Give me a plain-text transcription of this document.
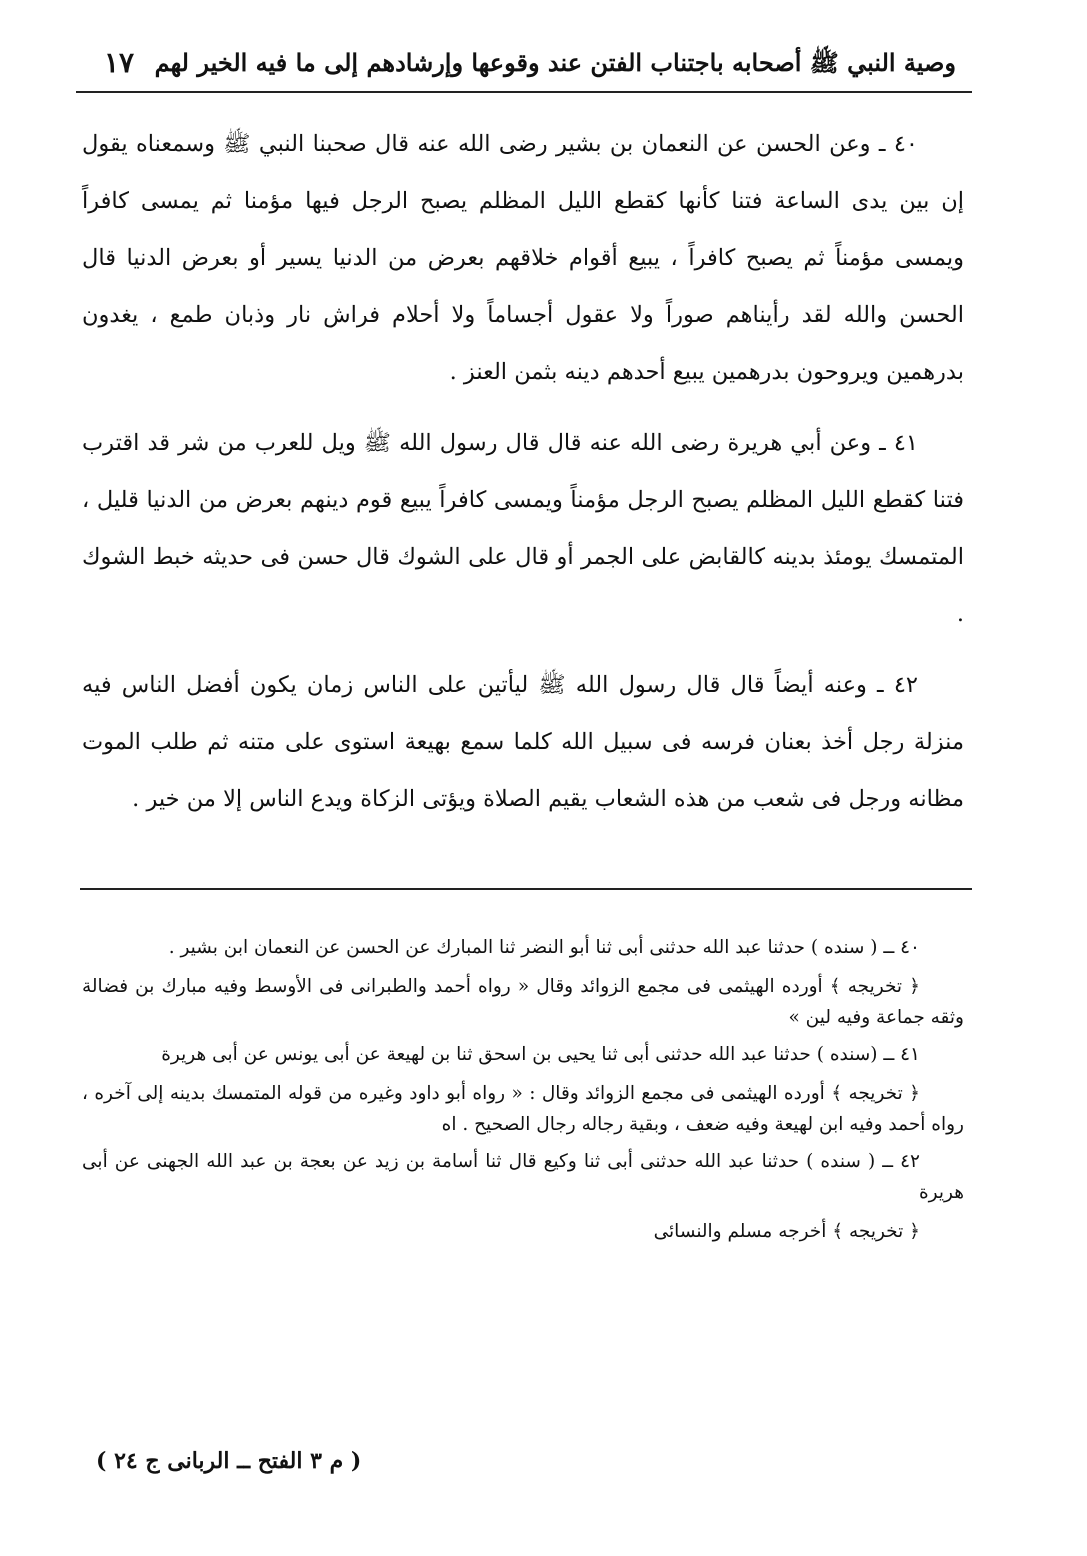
وصية النبي ﷺ أصحابه باجتناب الفتن عند وقوعها وإرشادهم إلى ما فيه الخير لهم
١٧

٤٠ ـ وعن الحسن عن النعمان بن بشير رضى الله عنه قال صحبنا النبي ﷺ وسمعناه يقول إن بين يدى الساعة فتنا كأنها كقطع الليل المظلم يصبح الرجل فيها مؤمنا ثم يمسى كافراً ويمسى مؤمناً ثم يصبح كافراً ، يبيع أقوام خلاقهم بعرض من الدنيا يسير أو بعرض الدنيا قال الحسن والله لقد رأيناهم صوراً ولا عقول أجساماً ولا أحلام فراش نار وذبان طمع ، يغدون بدرهمين ويروحون بدرهمين يبيع أحدهم دينه بثمن العنز .

٤١ ـ وعن أبي هريرة رضى الله عنه قال قال رسول الله ﷺ ويل للعرب من شر قد اقترب فتنا كقطع الليل المظلم يصبح الرجل مؤمناً ويمسى كافراً يبيع قوم دينهم بعرض من الدنيا قليل ، المتمسك يومئذ بدينه كالقابض على الجمر أو قال على الشوك قال حسن فى حديثه خبط الشوك .

٤٢ ـ وعنه أيضاً قال قال رسول الله ﷺ ليأتين على الناس زمان يكون أفضل الناس فيه منزلة رجل أخذ بعنان فرسه فى سبيل الله كلما سمع بهيعة استوى على متنه ثم طلب الموت مظانه ورجل فى شعب من هذه الشعاب يقيم الصلاة ويؤتى الزكاة ويدع الناس إلا من خير .

٤٠ ــ ( سنده ) حدثنا عبد الله حدثنى أبى ثنا أبو النضر ثنا المبارك عن الحسن عن النعمان ابن بشير .

﴿ تخريجه ﴾ أورده الهيثمى فى مجمع الزوائد وقال « رواه أحمد والطبرانى فى الأوسط وفيه مبارك بن فضالة وثقه جماعة وفيه لين »

٤١ ــ (سنده ) حدثنا عبد الله حدثنى أبى ثنا يحيى بن اسحق ثنا بن لهيعة عن أبى يونس عن أبى هريرة

﴿ تخريجه ﴾ أورده الهيثمى فى مجمع الزوائد وقال : « رواه أبو داود وغيره من قوله المتمسك بدينه إلى آخره ، رواه أحمد وفيه ابن لهيعة وفيه ضعف ، وبقية رجاله رجال الصحيح . اه

٤٢ ــ ( سنده ) حدثنا عبد الله حدثنى أبى ثنا وكيع قال ثنا أسامة بن زيد عن بعجة بن عبد الله الجهنى عن أبى هريرة

﴿ تخريجه ﴾ أخرجه مسلم والنسائى

( م ٣ الفتح ــ الربانى ج ٢٤ )
